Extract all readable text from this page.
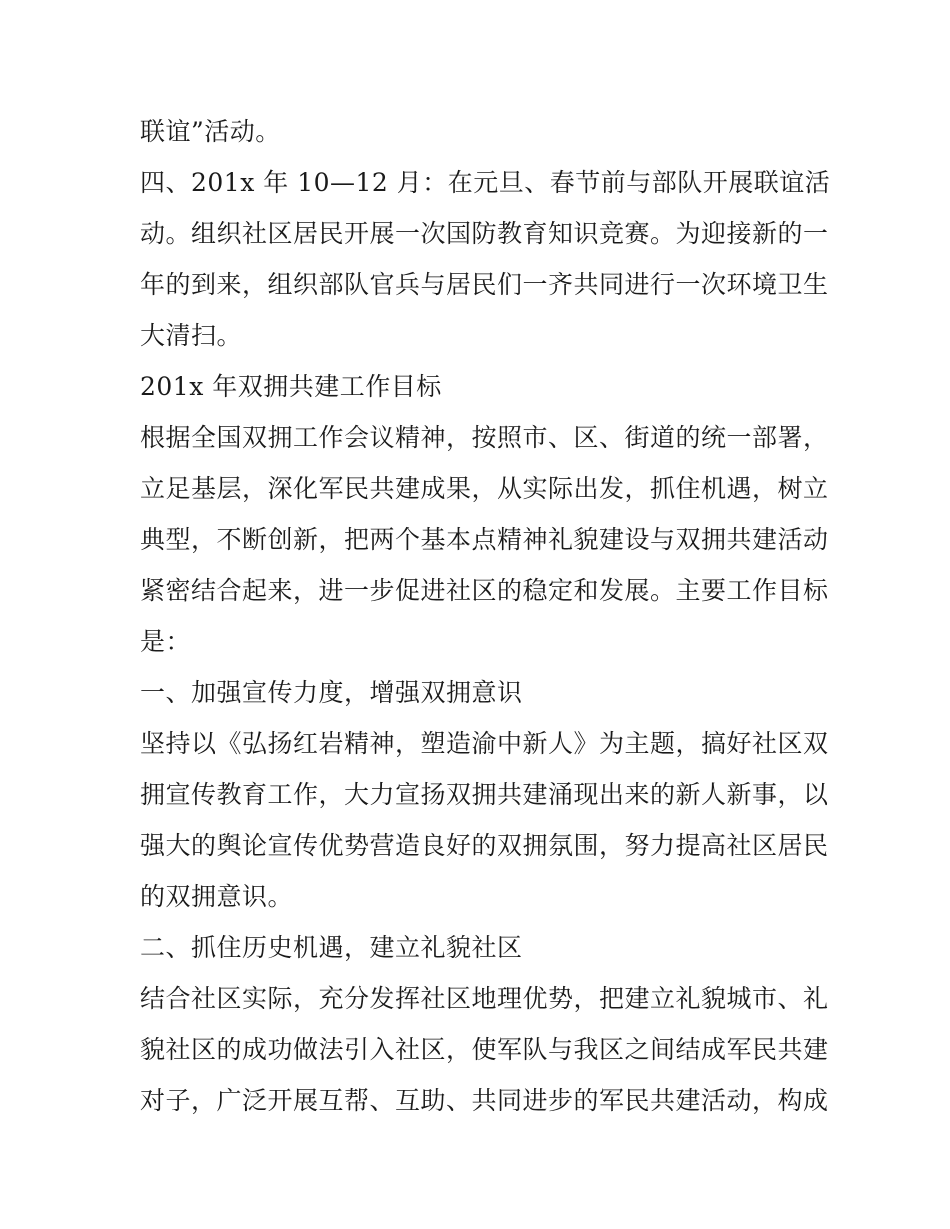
联谊”活动。
四、201x 年 10—12 月：在元旦、春节前与部队开展联谊活
动。组织社区居民开展一次国防教育知识竞赛。为迎接新的一
年的到来，组织部队官兵与居民们一齐共同进行一次环境卫生
大清扫。
201x 年双拥共建工作目标
根据全国双拥工作会议精神，按照市、区、街道的统一部署，
立足基层，深化军民共建成果，从实际出发，抓住机遇，树立
典型，不断创新，把两个基本点精神礼貌建设与双拥共建活动
紧密结合起来，进一步促进社区的稳定和发展。主要工作目标
是：
一、加强宣传力度，增强双拥意识
坚持以《弘扬红岩精神，塑造渝中新人》为主题，搞好社区双
拥宣传教育工作，大力宣扬双拥共建涌现出来的新人新事，以
强大的舆论宣传优势营造良好的双拥氛围，努力提高社区居民
的双拥意识。
二、抓住历史机遇，建立礼貌社区
结合社区实际，充分发挥社区地理优势，把建立礼貌城市、礼
貌社区的成功做法引入社区，使军队与我区之间结成军民共建
对子，广泛开展互帮、互助、共同进步的军民共建活动，构成
